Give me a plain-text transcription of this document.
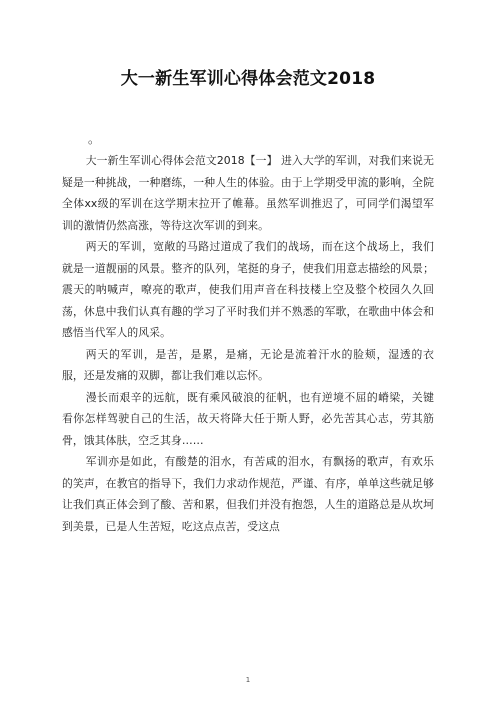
大一新生军训心得体会范文2018
。

大一新生军训心得体会范文2018【一】 进入大学的军训，对我们来说无疑是一种挑战，一种磨练，一种人生的体验。由于上学期受甲流的影响，全院全体xx级的军训在这学期末拉开了帷幕。虽然军训推迟了，可同学们渴望军训的激情仍然高涨，等待这次军训的到来。

两天的军训，宽敞的马路过道成了我们的战场，而在这个战场上，我们就是一道靓丽的风景。整齐的队列，笔挺的身子，使我们用意志描绘的风景；震天的呐喊声，嘹亮的歌声，使我们用声音在科技楼上空及整个校园久久回荡，休息中我们认真有趣的学习了平时我们并不熟悉的军歌，在歌曲中体会和感悟当代军人的风采。

两天的军训，是苦，是累，是痛，无论是流着汗水的脸颊，湿透的衣服，还是发痛的双脚，都让我们难以忘怀。

漫长而艰辛的远航，既有乘风破浪的征帆，也有逆境不屈的嵴梁，关键看你怎样驾驶自己的生活，故天将降大任于斯人野，必先苦其心志，劳其筋骨，饿其体肤，空乏其身……

军训亦是如此，有酸楚的泪水，有苦咸的泪水，有飘扬的歌声，有欢乐的笑声，在教官的指导下，我们力求动作规范，严谨、有序，单单这些就足够让我们真正体会到了酸、苦和累，但我们并没有抱怨，人生的道路总是从坎坷到美景，已是人生苦短，吃这点点苦，受这点

1
